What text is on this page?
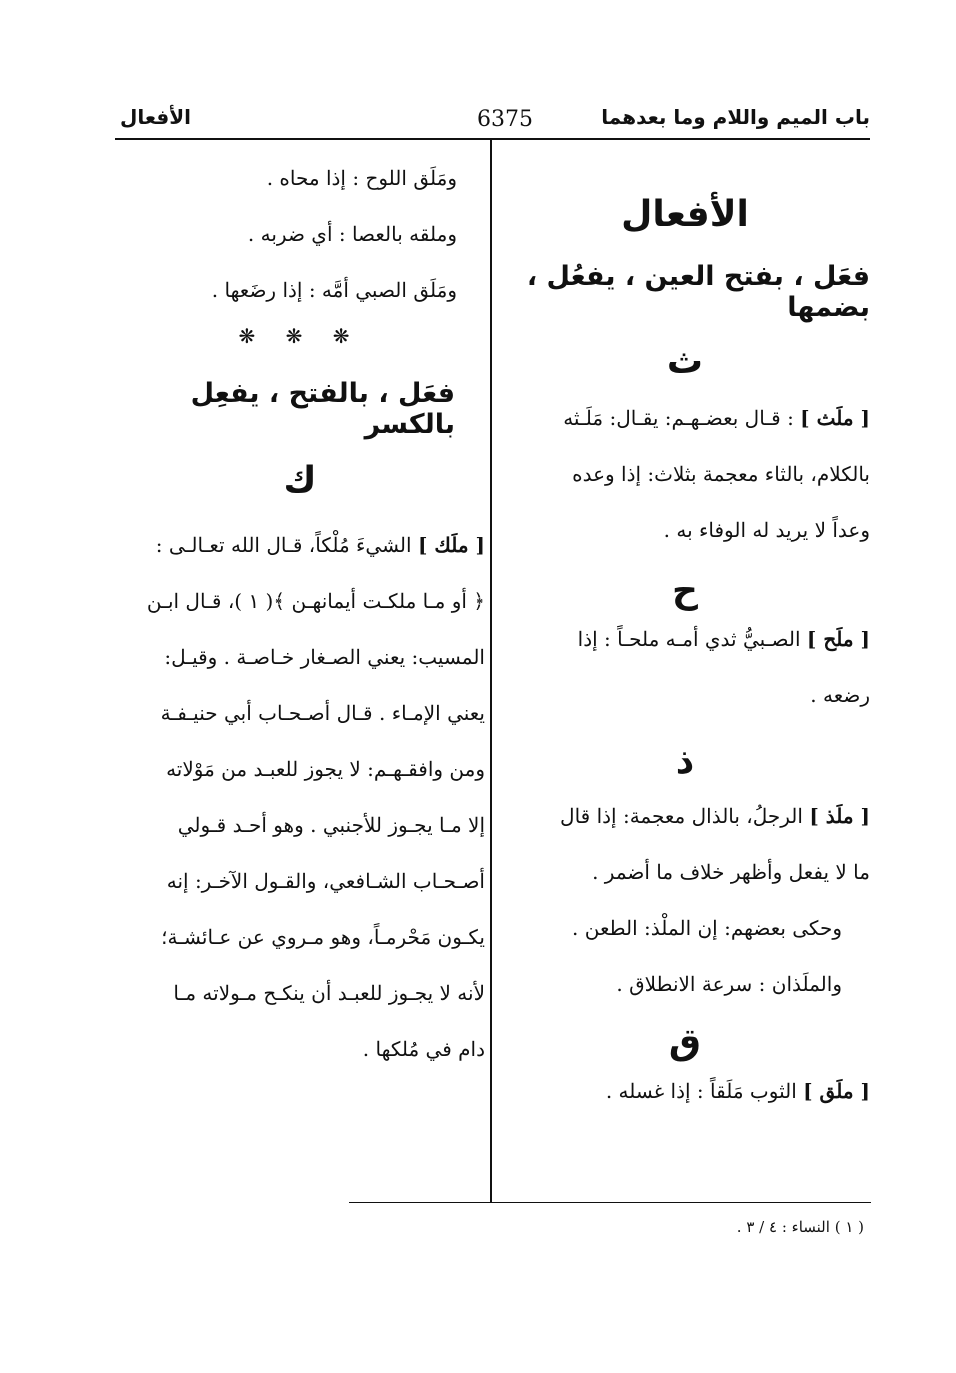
باب الميم واللام وما بعدهما
6375
الأفعال
الأفعال
فعَل ، بفتح العين ، يفعُل ، بضمها
ث
[ ملَث ] : قـال بعضـهـم: يقـال: مَلَـثه
بالكلام، بالثاء معجمة بثلاث: إذا وعده
وعداً لا يريد له الوفاء به .
ح
[ ملَح ] الصـبيُّ ثدي أمـه ملحـاً : إذا
رضعه .
ذ
[ ملَذ ] الرجلُ، بالذال معجمة: إذا قال
ما لا يفعل وأظهر خلاف ما أضمر .
وحكى بعضهم: إن الملْذ: الطعن .
والملَذان : سرعة الانطلاق .
ق
[ ملَق ] الثوب مَلَقاً : إذا غسله .
ومَلَق اللوح : إذا محاه .
وملقه بالعصا : أي ضربه .
ومَلَق الصبي أمَّه : إذا رضَعها .
❋ ❋ ❋
فعَل ، بالفتح ، يفعِل بالكسر
ك
[ ملَك ] الشيءَ مُلْكاً، قـال الله تعـالـى :
﴿ أو مـا ملكـت أيمانهـن ﴾( ١ )، قـال ابـن
المسيب: يعني الصـغار خـاصـة . وقيـل:
يعني الإمـاء . قـال أصـحـاب أبي حنيـفـة
ومن وافقـهـم: لا يجوز للعبـد من مَوْلاته
إلا مـا يجـوز للأجنبي . وهو أحـد قـولي
أصـحـاب الشـافعي، والقـول الآخـر: إنه
يكـون مَحْرمـاً، وهو مـروي عن عـائشـة؛
لأنه لا يجـوز للعبـد أن ينكـح مـولاته مـا
دام في مُلكها .
( ١ ) النساء : ٤ / ٣ .
